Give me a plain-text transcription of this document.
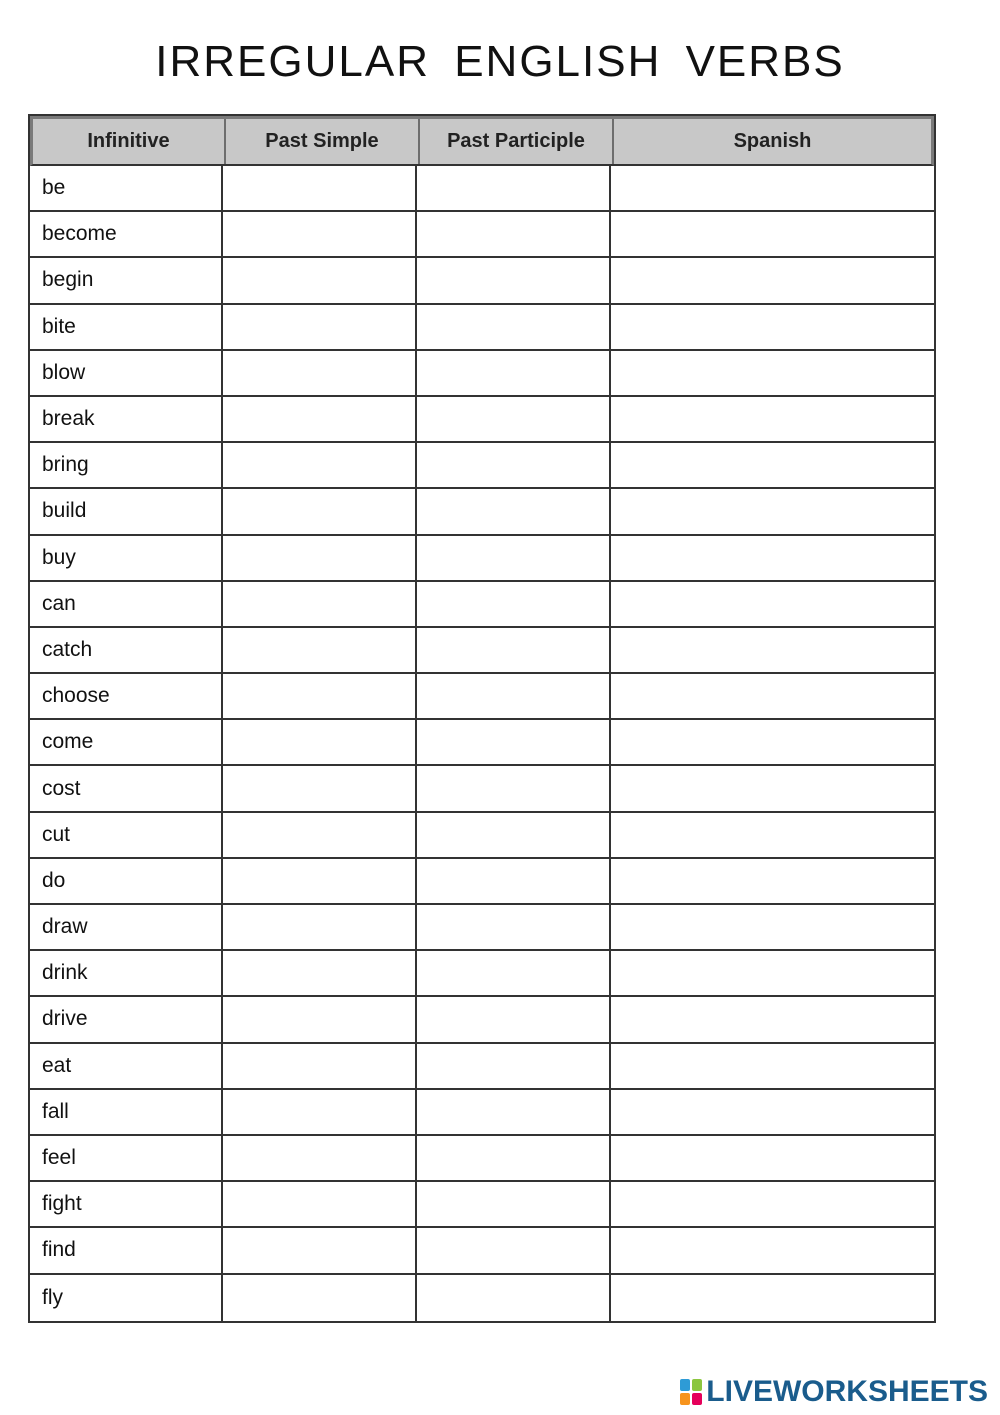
IRREGULAR ENGLISH VERBS
Infinitive	Past Simple	Past Participle	Spanish
be
become
begin
bite
blow
break
bring
build
buy
can
catch
choose
come
cost
cut
do
draw
drink
drive
eat
fall
feel
fight
find
fly
LIVEWORKSHEETS
